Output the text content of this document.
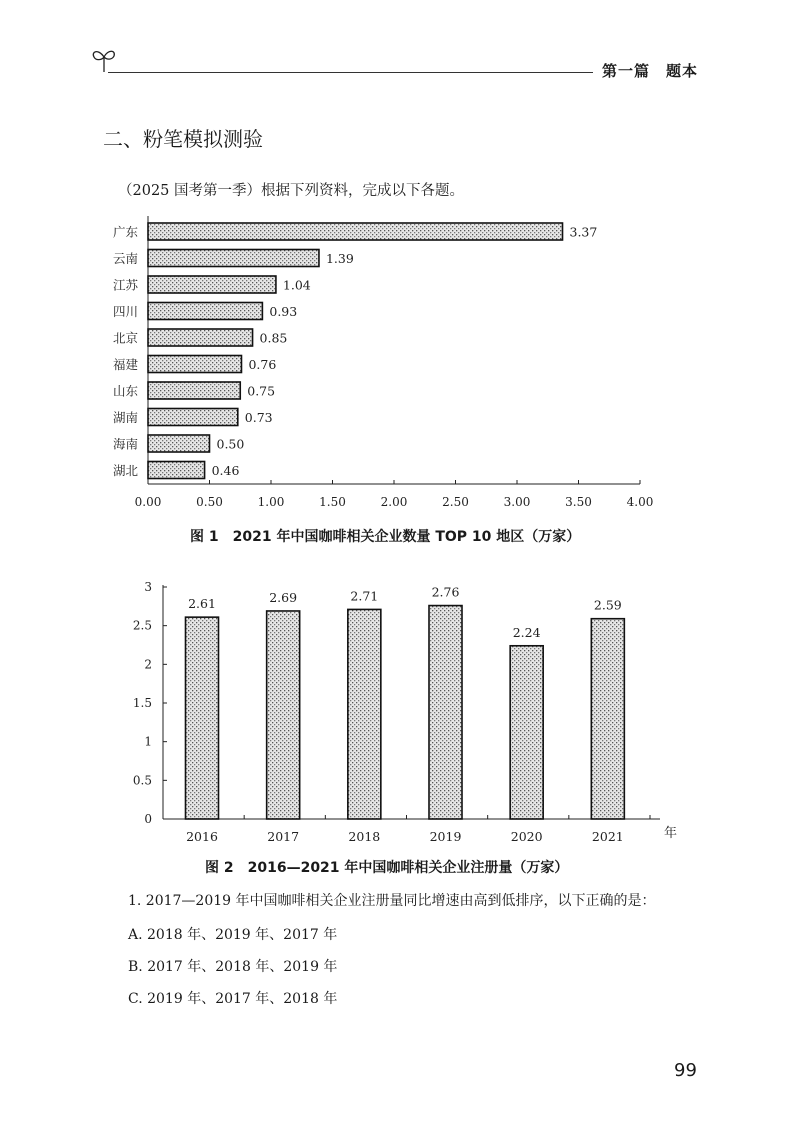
第一篇　题本
二、粉笔模拟测验
（2025 国考第一季）根据下列资料，完成以下各题。
广东	3.37
云南	1.39
江苏	1.04
四川	0.93
北京	0.85
福建	0.76
山东	0.75
湖南	0.73
海南	0.50
湖北	0.46
0.00	0.50	1.00	1.50	2.00	2.50	3.00	3.50	4.00
图 1　2021 年中国咖啡相关企业数量 TOP 10 地区（万家）
0
0.5
1
1.5
2
2.5
3
2.61
2016
2.69
2017
2.71
2018
2.76
2019
2.24
2020
2.59
2021	年
图 2　2016—2021 年中国咖啡相关企业注册量（万家）
1. 2017—2019 年中国咖啡相关企业注册量同比增速由高到低排序，以下正确的是：
A. 2018 年、2019 年、2017 年
B. 2017 年、2018 年、2019 年
C. 2019 年、2017 年、2018 年
99
